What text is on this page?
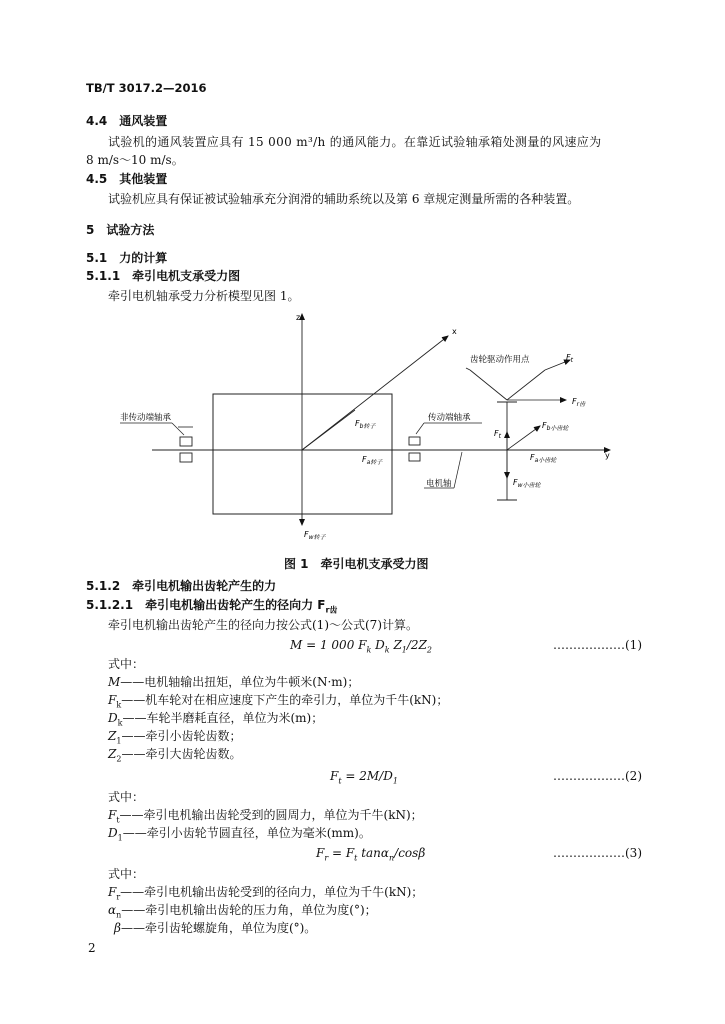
TB/T 3017.2—2016
4.4　通风装置
试验机的通风装置应具有 15 000 m³/h 的通风能力。在靠近试验轴承箱处测量的风速应为
8 m/s～10 m/s。
4.5　其他装置
试验机应具有保证被试验轴承充分润滑的辅助系统以及第 6 章规定测量所需的各种装置。
5　试验方法
5.1　力的计算
5.1.1　牵引电机支承受力图
牵引电机轴承受力分析模型见图 1。
z
y
x
非传动端轴承	传动端轴承
电机轴
$F_{b转子}$
$F_{a转子}$
$F_{w转子}$
齿轮驱动作用点	$F_t$
$F_{r齿}$
$F_t$
$F_{b小齿轮}$
$F_{a小齿轮}$
$F_{w小齿轮}$
图 1　牵引电机支承受力图
5.1.2　牵引电机输出齿轮产生的力
5.1.2.1　牵引电机输出齿轮产生的径向力 $F_{r齿}$
牵引电机输出齿轮产生的径向力按公式(1)～公式(7)计算。
M = 1 000 $F_k$ $D_k$ $Z_1/2Z_2$	………………(1)
式中：
M——电机轴输出扭矩，单位为牛顿米(N·m)；
$F_k——$机车轮对在相应速度下产生的牵引力，单位为千牛(kN)；
$D_k——$车轮半磨耗直径，单位为米(m)；
$Z_1——$牵引小齿轮齿数；
$Z_2——$牵引大齿轮齿数。
$F_t = 2M/D_1$	………………(2)
式中：
$F_t——$牵引电机输出齿轮受到的圆周力，单位为千牛(kN)；
$D_1——$牵引小齿轮节圆直径，单位为毫米(mm)。
$F_r = F_t$ tanα$_n$/cosβ	………………(3)
式中：
$F_r——$牵引电机输出齿轮受到的径向力，单位为千牛(kN)；
$\alpha_n——$牵引电机输出齿轮的压力角，单位为度(°)；
β——牵引齿轮螺旋角，单位为度(°)。
2
